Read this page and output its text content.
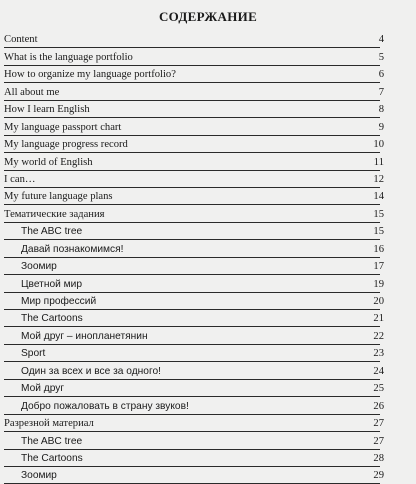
СОДЕРЖАНИЕ
Content	4
What is the language portfolio	5
How to organize my language portfolio?	6
All about me	7
How I learn English	8
My language passport chart	9
My language progress record	10
My world of English	11
I can…	12
My future language plans	14
Тематические задания	15
The ABC tree	15
Давай познакомимся!	16
Зоомир	17
Цветной мир	19
Мир профессий	20
The Cartoons	21
Мой друг – инопланетянин	22
Sport	23
Один за всех и все за одного!	24
Мой друг	25
Добро пожаловать в страну звуков!	26
Разрезной материал	27
The ABC tree	27
The Cartoons	28
Зоомир	29
